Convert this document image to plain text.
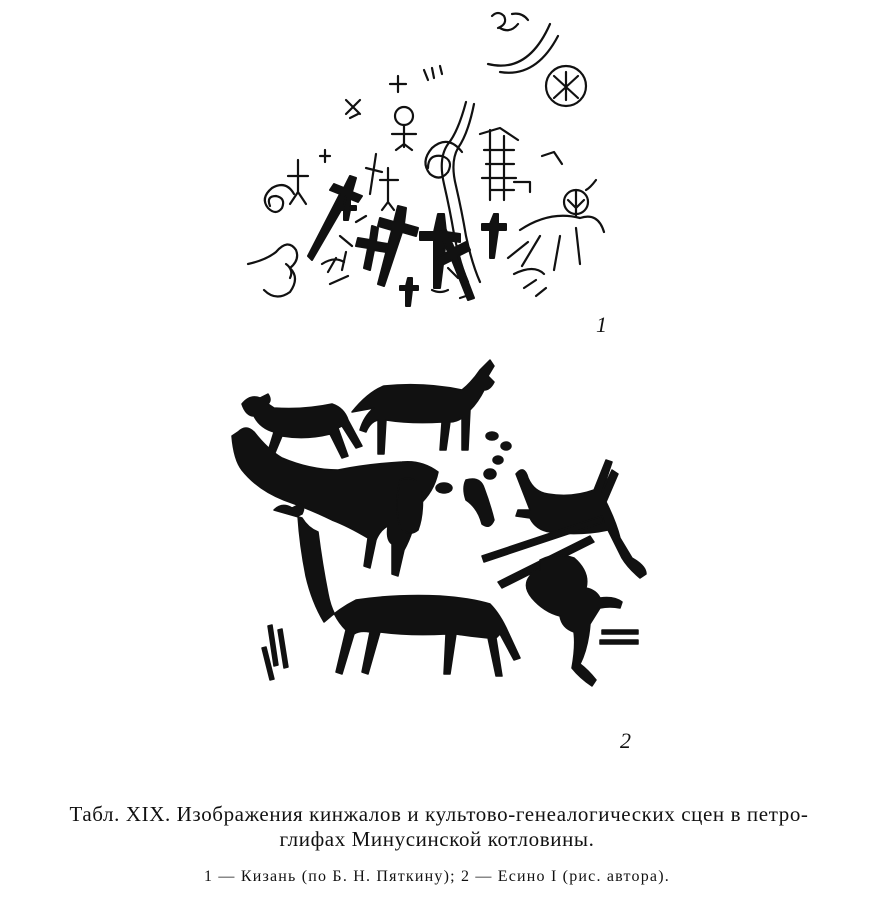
1
2
Табл. XIX. Изображения кинжалов и культово-генеалогических сцен в петро-
глифах Минусинской котловины.
1 — Кизань (по Б. Н. Пяткину); 2 — Есино I (рис. автора).
